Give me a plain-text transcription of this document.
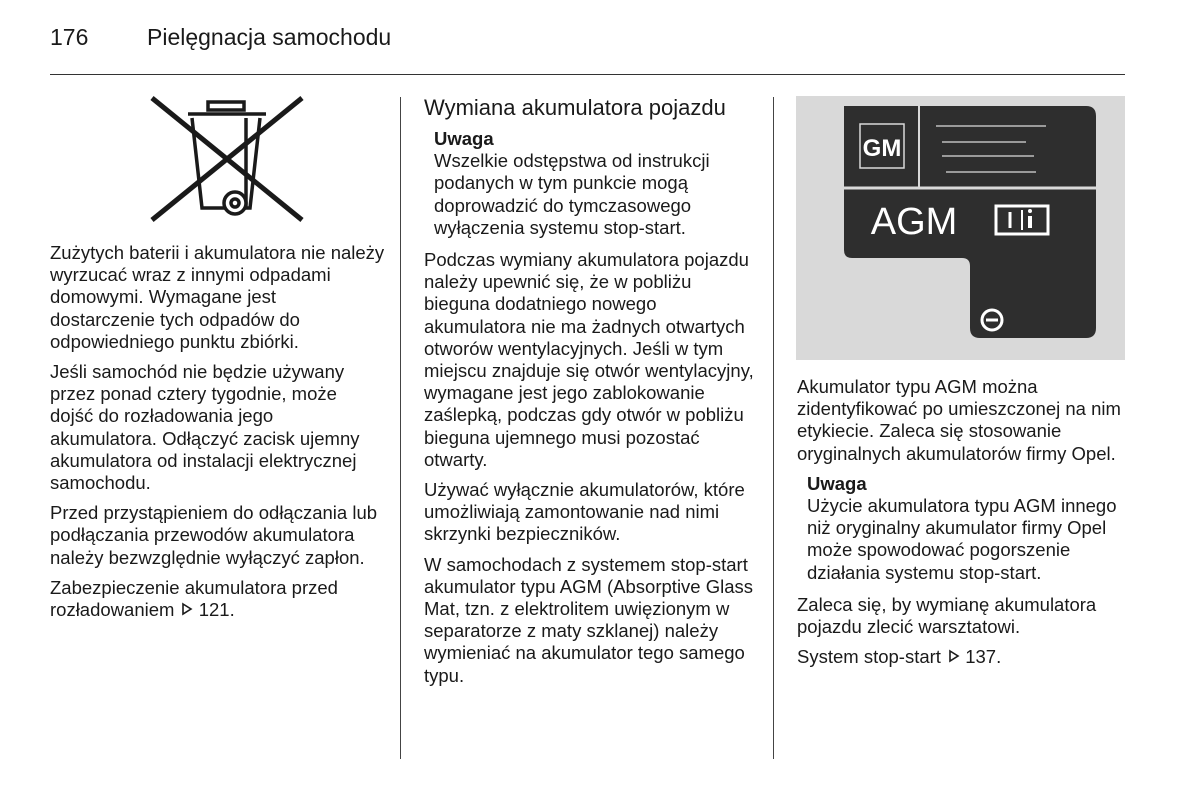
176	Pielęgnacja samochodu

Zużytych baterii i akumulatora nie należy wyrzucać wraz z innymi odpadami domowymi. Wymagane jest dostarczenie tych odpadów do odpowiedniego punktu zbiórki.

Jeśli samochód nie będzie używany przez ponad cztery tygodnie, może dojść do rozładowania jego akumulatora. Odłączyć zacisk ujemny akumulatora od instalacji elektrycznej samochodu.

Przed przystąpieniem do odłączania lub podłączania przewodów akumulatora należy bezwzględnie wyłączyć zapłon.

Zabezpieczenie akumulatora przed rozładowaniem 121.

Wymiana akumulatora pojazdu
Uwaga
Wszelkie odstępstwa od instrukcji podanych w tym punkcie mogą doprowadzić do tymczasowego wyłączenia systemu stop-start.

Podczas wymiany akumulatora pojazdu należy upewnić się, że w pobliżu bieguna dodatniego nowego akumulatora nie ma żadnych otwartych otworów wentylacyjnych. Jeśli w tym miejscu znajduje się otwór wentylacyjny, wymagane jest jego zablokowanie zaślepką, podczas gdy otwór w pobliżu bieguna ujemnego musi pozostać otwarty.

Używać wyłącznie akumulatorów, które umożliwiają zamontowanie nad nimi skrzynki bezpieczników.

W samochodach z systemem stop-start akumulator typu AGM (Absorptive Glass Mat, tzn. z elektrolitem uwięzionym w separatorze z maty szklanej) należy wymieniać na akumulator tego samego typu.

GM
AGM

Akumulator typu AGM można zidentyfikować po umieszczonej na nim etykiecie. Zaleca się stosowanie oryginalnych akumulatorów firmy Opel.

Uwaga
Użycie akumulatora typu AGM innego niż oryginalny akumulator firmy Opel może spowodować pogorszenie działania systemu stop-start.

Zaleca się, by wymianę akumulatora pojazdu zlecić warsztatowi.

System stop-start 137.
